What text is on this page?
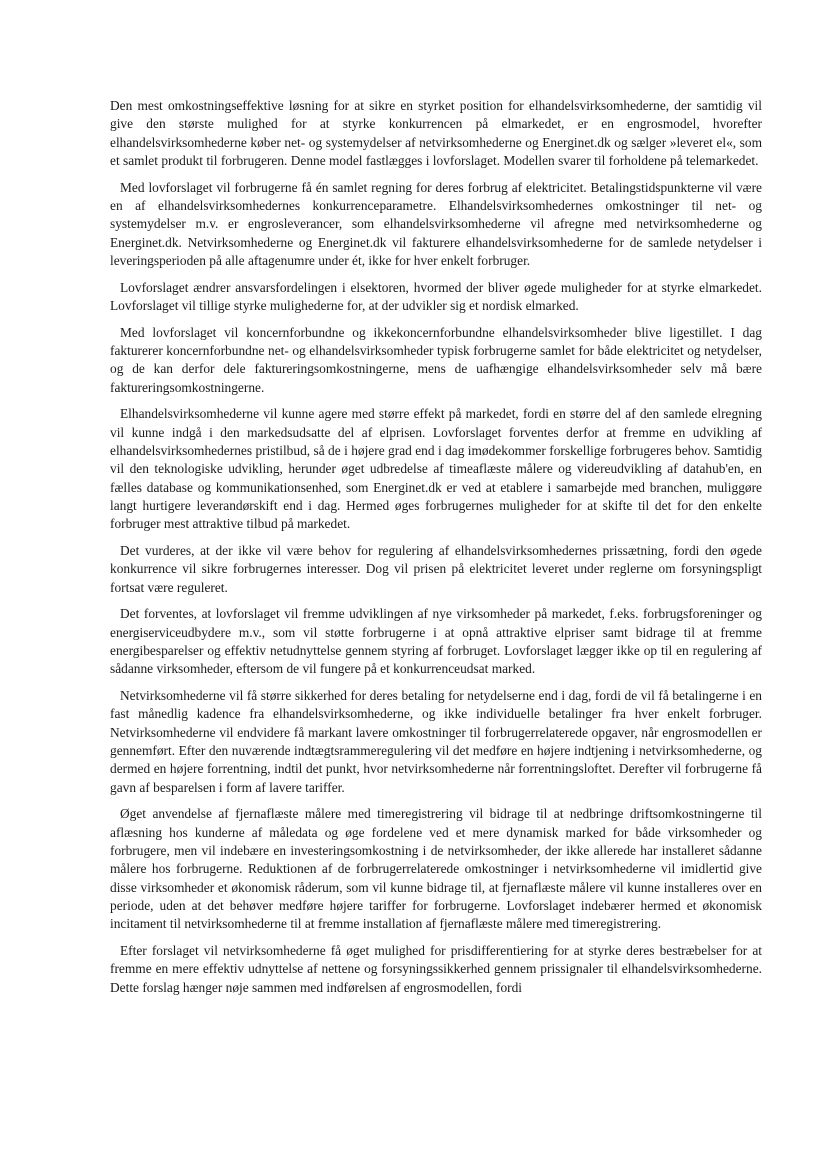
Den mest omkostningseffektive løsning for at sikre en styrket position for elhandelsvirksomhederne, der samtidig vil give den største mulighed for at styrke konkurrencen på elmarkedet, er en engrosmodel, hvorefter elhandelsvirksomhederne køber net- og systemydelser af netvirksomhederne og Energinet.dk og sælger »leveret el«, som et samlet produkt til forbrugeren. Denne model fastlægges i lovforslaget. Modellen svarer til forholdene på telemarkedet.

Med lovforslaget vil forbrugerne få én samlet regning for deres forbrug af elektricitet. Betalingstidspunkterne vil være en af elhandelsvirksomhedernes konkurrenceparametre. Elhandelsvirksomhedernes omkostninger til net- og systemydelser m.v. er engrosleverancer, som elhandelsvirksomhederne vil afregne med netvirksomhederne og Energinet.dk. Netvirksomhederne og Energinet.dk vil fakturere elhandelsvirksomhederne for de samlede netydelser i leveringsperioden på alle aftagenumre under ét, ikke for hver enkelt forbruger.

Lovforslaget ændrer ansvarsfordelingen i elsektoren, hvormed der bliver øgede muligheder for at styrke elmarkedet. Lovforslaget vil tillige styrke mulighederne for, at der udvikler sig et nordisk elmarked.

Med lovforslaget vil koncernforbundne og ikkekoncernforbundne elhandelsvirksomheder blive ligestillet. I dag fakturerer koncernforbundne net- og elhandelsvirksomheder typisk forbrugerne samlet for både elektricitet og netydelser, og de kan derfor dele faktureringsomkostningerne, mens de uafhængige elhandelsvirksomheder selv må bære faktureringsomkostningerne.

Elhandelsvirksomhederne vil kunne agere med større effekt på markedet, fordi en større del af den samlede elregning vil kunne indgå i den markedsudsatte del af elprisen. Lovforslaget forventes derfor at fremme en udvikling af elhandelsvirksomhedernes pristilbud, så de i højere grad end i dag imødekommer forskellige forbrugeres behov. Samtidig vil den teknologiske udvikling, herunder øget udbredelse af timeaflæste målere og videreudvikling af datahub'en, en fælles database og kommunikationsenhed, som Energinet.dk er ved at etablere i samarbejde med branchen, muliggøre langt hurtigere leverandørskift end i dag. Hermed øges forbrugernes muligheder for at skifte til det for den enkelte forbruger mest attraktive tilbud på markedet.

Det vurderes, at der ikke vil være behov for regulering af elhandelsvirksomhedernes prissætning, fordi den øgede konkurrence vil sikre forbrugernes interesser. Dog vil prisen på elektricitet leveret under reglerne om forsyningspligt fortsat være reguleret.

Det forventes, at lovforslaget vil fremme udviklingen af nye virksomheder på markedet, f.eks. forbrugsforeninger og energiserviceudbydere m.v., som vil støtte forbrugerne i at opnå attraktive elpriser samt bidrage til at fremme energibesparelser og effektiv netudnyttelse gennem styring af forbruget. Lovforslaget lægger ikke op til en regulering af sådanne virksomheder, eftersom de vil fungere på et konkurrenceudsat marked.

Netvirksomhederne vil få større sikkerhed for deres betaling for netydelserne end i dag, fordi de vil få betalingerne i en fast månedlig kadence fra elhandelsvirksomhederne, og ikke individuelle betalinger fra hver enkelt forbruger. Netvirksomhederne vil endvidere få markant lavere omkostninger til forbrugerrelaterede opgaver, når engrosmodellen er gennemført. Efter den nuværende indtægtsrammeregulering vil det medføre en højere indtjening i netvirksomhederne, og dermed en højere forrentning, indtil det punkt, hvor netvirksomhederne når forrentningsloftet. Derefter vil forbrugerne få gavn af besparelsen i form af lavere tariffer.

Øget anvendelse af fjernaflæste målere med timeregistrering vil bidrage til at nedbringe driftsomkostningerne til aflæsning hos kunderne af måledata og øge fordelene ved et mere dynamisk marked for både virksomheder og forbrugere, men vil indebære en investeringsomkostning i de netvirksomheder, der ikke allerede har installeret sådanne målere hos forbrugerne. Reduktionen af de forbrugerrelaterede omkostninger i netvirksomhederne vil imidlertid give disse virksomheder et økonomisk råderum, som vil kunne bidrage til, at fjernaflæste målere vil kunne installeres over en periode, uden at det behøver medføre højere tariffer for forbrugerne. Lovforslaget indebærer hermed et økonomisk incitament til netvirksomhederne til at fremme installation af fjernaflæste målere med timeregistrering.

Efter forslaget vil netvirksomhederne få øget mulighed for prisdifferentiering for at styrke deres bestræbelser for at fremme en mere effektiv udnyttelse af nettene og forsyningssikkerhed gennem prissignaler til elhandelsvirksomhederne. Dette forslag hænger nøje sammen med indførelsen af engrosmodellen, fordi
